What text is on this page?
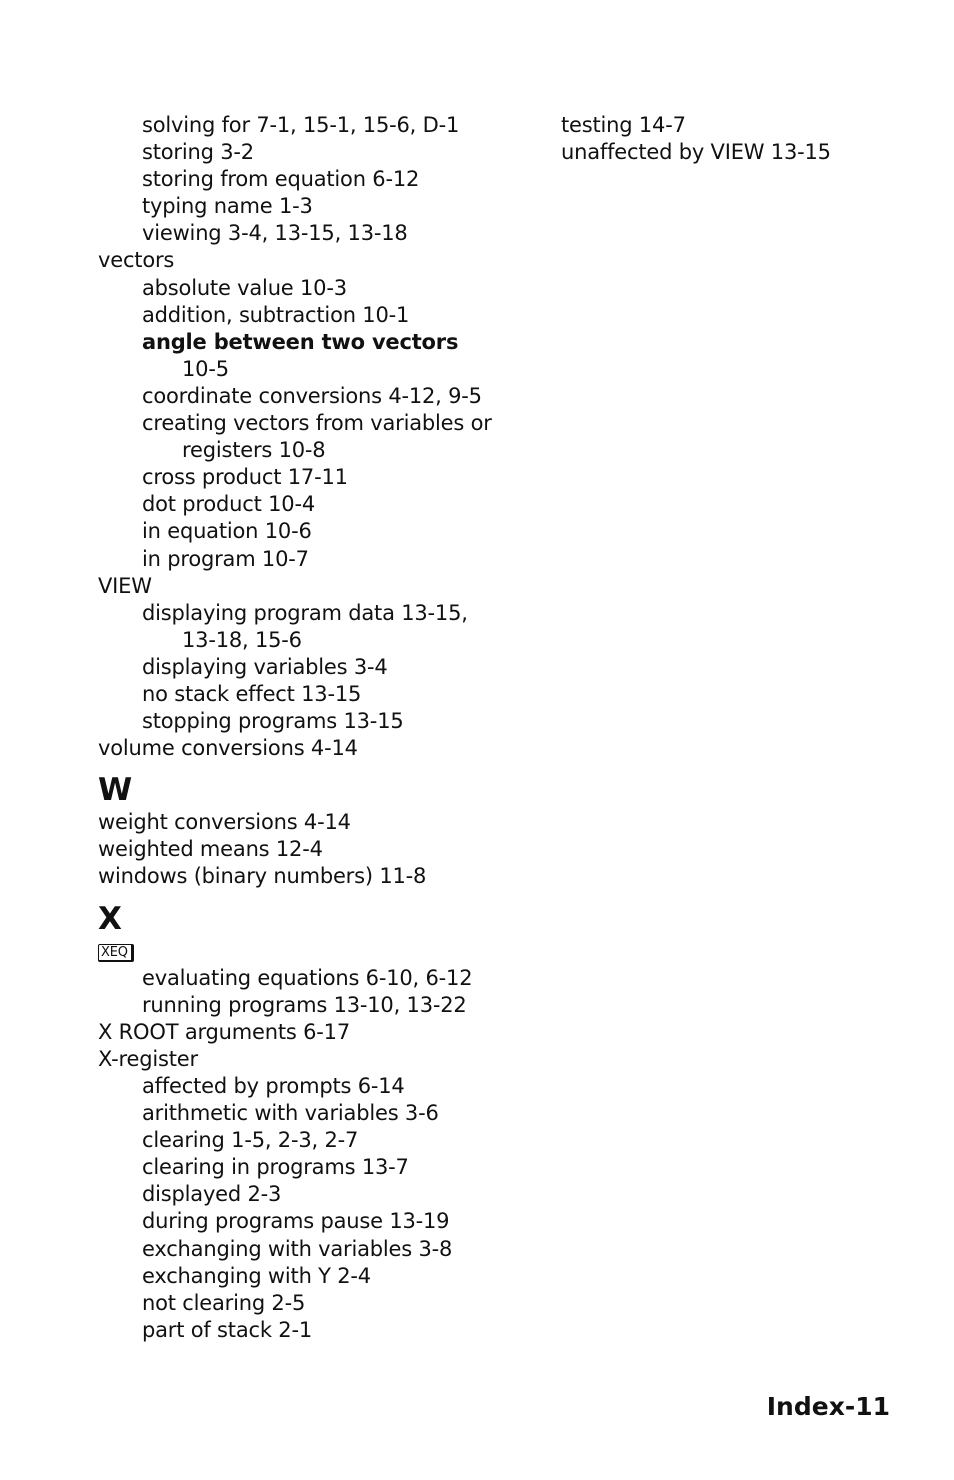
solving for 7-1, 15-1, 15-6, D-1
storing 3-2
storing from equation 6-12
typing name 1-3
viewing 3-4, 13-15, 13-18
vectors
absolute value 10-3
addition, subtraction 10-1
angle between two vectors
10-5
coordinate conversions 4-12, 9-5
creating vectors from variables or
registers 10-8
cross product 17-11
dot product 10-4
in equation 10-6
in program 10-7
VIEW
displaying program data 13-15,
13-18, 15-6
displaying variables 3-4
no stack effect 13-15
stopping programs 13-15
volume conversions 4-14
W
weight conversions 4-14
weighted means 12-4
windows (binary numbers) 11-8
X
XEQ
evaluating equations 6-10, 6-12
running programs 13-10, 13-22
X ROOT arguments 6-17
X-register
affected by prompts 6-14
arithmetic with variables 3-6
clearing 1-5, 2-3, 2-7
clearing in programs 13-7
displayed 2-3
during programs pause 13-19
exchanging with variables 3-8
exchanging with Y 2-4
not clearing 2-5
part of stack 2-1
testing 14-7
unaffected by VIEW 13-15
Index-11
